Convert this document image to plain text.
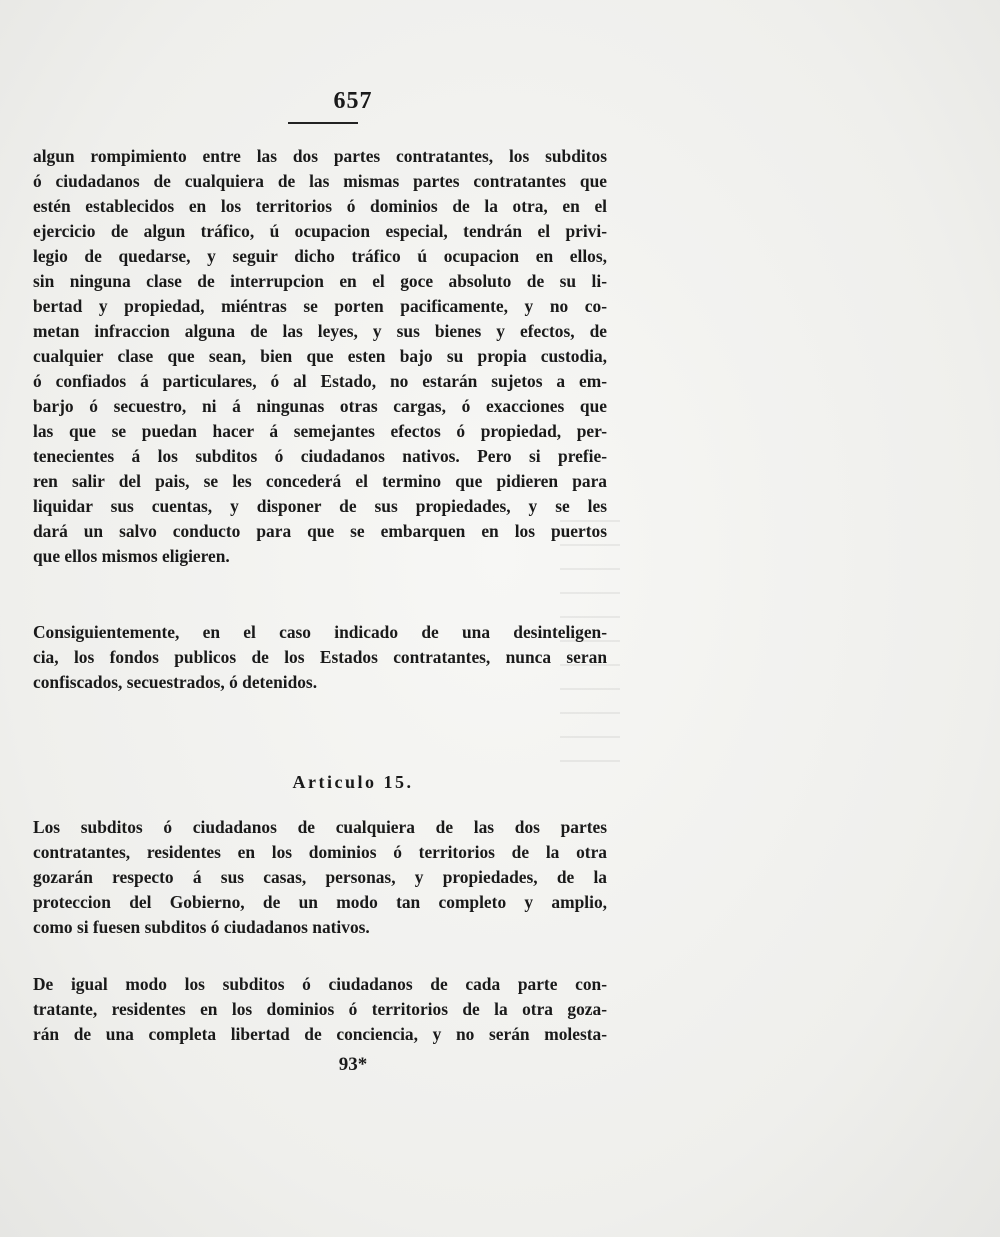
657
algun rompimiento entre las dos partes contratantes, los subditos
ó ciudadanos de cualquiera de las mismas partes contratantes que
estén establecidos en los territorios ó dominios de la otra, en el
ejercicio de algun tráfico, ú ocupacion especial, tendrán el privi-
legio de quedarse, y seguir dicho tráfico ú ocupacion en ellos,
sin ninguna clase de interrupcion en el goce absoluto de su li-
bertad y propiedad, miéntras se porten pacificamente, y no co-
metan infraccion alguna de las leyes, y sus bienes y efectos, de
cualquier clase que sean, bien que esten bajo su propia custodia,
ó confiados á particulares, ó al Estado, no estarán sujetos a em-
barjo ó secuestro, ni á ningunas otras cargas, ó exacciones que
las que se puedan hacer á semejantes efectos ó propiedad, per-
tenecientes á los subditos ó ciudadanos nativos. Pero si prefie-
ren salir del pais, se les concederá el termino que pidieren para
liquidar sus cuentas, y disponer de sus propiedades, y se les
dará un salvo conducto para que se embarquen en los puertos
que ellos mismos eligieren.
Consiguientemente, en el caso indicado de una desinteligen-
cia, los fondos publicos de los Estados contratantes, nunca seran
confiscados, secuestrados, ó detenidos.
Articulo 15.
Los subditos ó ciudadanos de cualquiera de las dos partes
contratantes, residentes en los dominios ó territorios de la otra
gozarán respecto á sus casas, personas, y propiedades, de la
proteccion del Gobierno, de un modo tan completo y amplio,
como si fuesen subditos ó ciudadanos nativos.
De igual modo los subditos ó ciudadanos de cada parte con-
tratante, residentes en los dominios ó territorios de la otra goza-
rán de una completa libertad de conciencia, y no serán molesta-
93*
